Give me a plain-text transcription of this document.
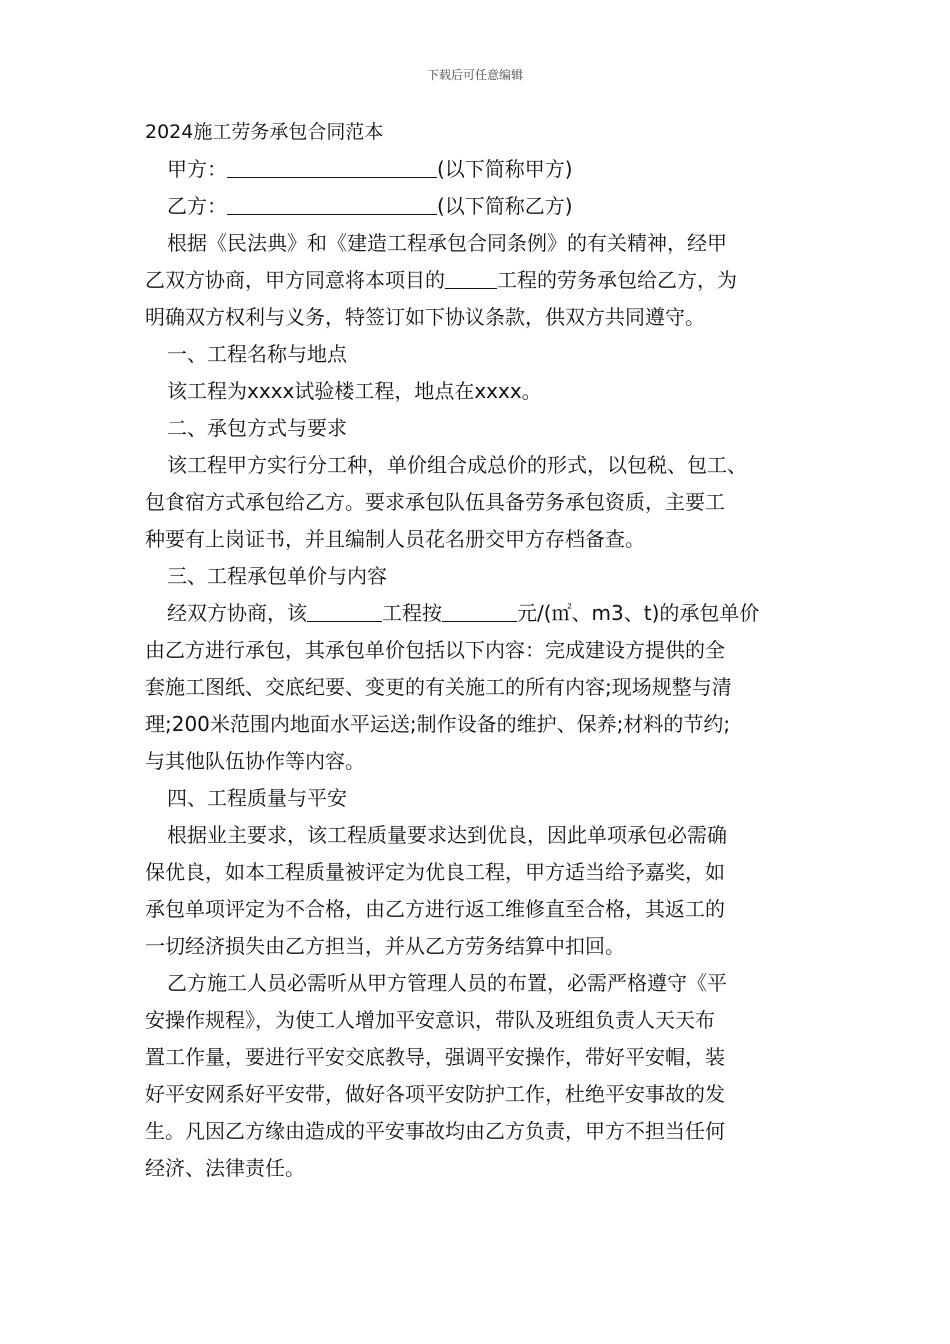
下载后可任意编辑
2024施工劳务承包合同范本
甲方：	(以下简称甲方)
乙方：	(以下简称乙方)
根据《民法典》和《建造工程承包合同条例》的有关精神，经甲
乙双方协商，甲方同意将本项目的	工程的劳务承包给乙方，为
明确双方权利与义务，特签订如下协议条款，供双方共同遵守。
一、工程名称与地点
该工程为xxxx试验楼工程，地点在xxxx。
二、承包方式与要求
该工程甲方实行分工种，单价组合成总价的形式，以包税、包工、
包食宿方式承包给乙方。要求承包队伍具备劳务承包资质，主要工
种要有上岗证书，并且编制人员花名册交甲方存档备查。
三、工程承包单价与内容
经双方协商，该	工程按	元/(㎡、m3、t)的承包单价
由乙方进行承包，其承包单价包括以下内容：完成建设方提供的全
套施工图纸、交底纪要、变更的有关施工的所有内容;现场规整与清
理;200米范围内地面水平运送;制作设备的维护、保养;材料的节约;
与其他队伍协作等内容。
四、工程质量与平安
根据业主要求，该工程质量要求达到优良，因此单项承包必需确
保优良，如本工程质量被评定为优良工程，甲方适当给予嘉奖，如
承包单项评定为不合格，由乙方进行返工维修直至合格，其返工的
一切经济损失由乙方担当，并从乙方劳务结算中扣回。
乙方施工人员必需听从甲方管理人员的布置，必需严格遵守《平
安操作规程》，为使工人增加平安意识，带队及班组负责人天天布
置工作量，要进行平安交底教导，强调平安操作，带好平安帽，装
好平安网系好平安带，做好各项平安防护工作，杜绝平安事故的发
生。凡因乙方缘由造成的平安事故均由乙方负责，甲方不担当任何
经济、法律责任。
